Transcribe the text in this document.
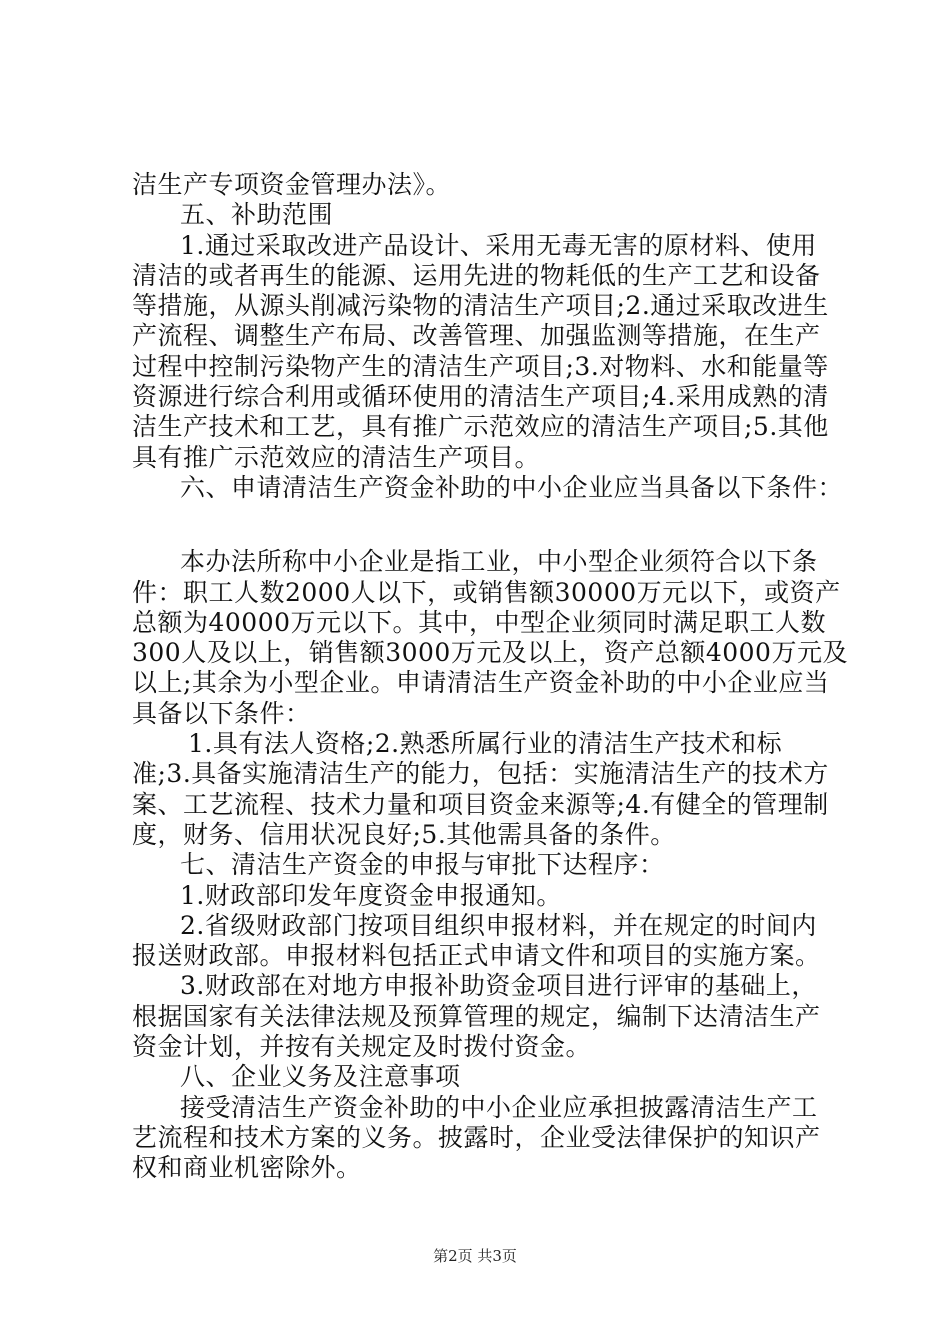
洁生产专项资金管理办法》。
五、补助范围
1.通过采取改进产品设计、采用无毒无害的原材料、使用
清洁的或者再生的能源、运用先进的物耗低的生产工艺和设备
等措施，从源头削减污染物的清洁生产项目;2.通过采取改进生
产流程、调整生产布局、改善管理、加强监测等措施，在生产
过程中控制污染物产生的清洁生产项目;3.对物料、水和能量等
资源进行综合利用或循环使用的清洁生产项目;4.采用成熟的清
洁生产技术和工艺，具有推广示范效应的清洁生产项目;5.其他
具有推广示范效应的清洁生产项目。
六、申请清洁生产资金补助的中小企业应当具备以下条件：
本办法所称中小企业是指工业，中小型企业须符合以下条
件：职工人数2000人以下，或销售额30000万元以下，或资产
总额为40000万元以下。其中，中型企业须同时满足职工人数
300人及以上，销售额3000万元及以上，资产总额4000万元及
以上;其余为小型企业。申请清洁生产资金补助的中小企业应当
具备以下条件：
1.具有法人资格;2.熟悉所属行业的清洁生产技术和标
准;3.具备实施清洁生产的能力，包括：实施清洁生产的技术方
案、工艺流程、技术力量和项目资金来源等;4.有健全的管理制
度，财务、信用状况良好;5.其他需具备的条件。
七、清洁生产资金的申报与审批下达程序：
1.财政部印发年度资金申报通知。
2.省级财政部门按项目组织申报材料，并在规定的时间内
报送财政部。申报材料包括正式申请文件和项目的实施方案。
3.财政部在对地方申报补助资金项目进行评审的基础上，
根据国家有关法律法规及预算管理的规定，编制下达清洁生产
资金计划，并按有关规定及时拨付资金。
八、企业义务及注意事项
接受清洁生产资金补助的中小企业应承担披露清洁生产工
艺流程和技术方案的义务。披露时，企业受法律保护的知识产
权和商业机密除外。
第2页 共3页
